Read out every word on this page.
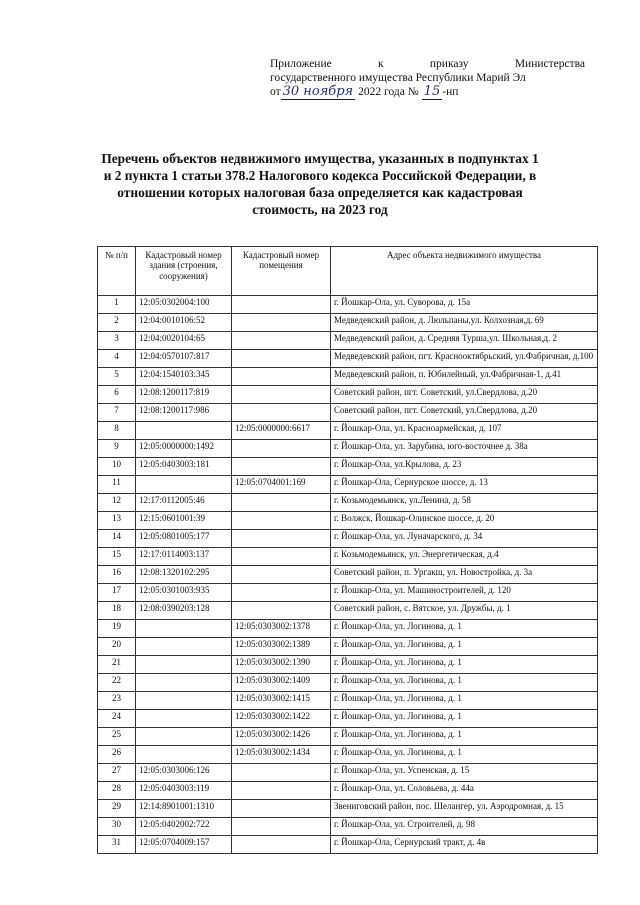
Приложение	к	приказу	Министерства
государственного имущества Республики Марий Эл
от 30 ноября 2022 года № 15 -нп
Перечень объектов недвижимого имущества, указанных в подпунктах 1 и 2 пункта 1 статьи 378.2 Налогового кодекса Российской Федерации, в отношении которых налоговая база определяется как кадастровая стоимость, на 2023 год
№ п/п	Кадастровый номер здания (строения, сооружения)	Кадастровый номер помещения	Адрес объекта недвижимого имущества
1	12:05:0302004:100		г. Йошкар-Ола, ул. Суворова, д. 15а
2	12:04:0010106:52		Медведевский район, д. Люльпаны,ул. Колхозная,д. 69
3	12:04:0020104:65		Медведевский район, д. Средняя Турша,ул. Школьная,д. 2
4	12:04:0570107:817		Медведевский район, пгт. Краснооктябрьский, ул.Фабричная, д.100
5	12:04:1540103:345		Медведевский район, п. Юбилейный, ул.Фабричная-1, д.41
6	12:08:1200117:819		Советский район, пгт. Советский, ул.Свердлова, д.20
7	12:08:1200117:986		Советский район, пгт. Советский, ул.Свердлова, д.20
8		12:05:0000000:6617	г. Йошкар-Ола, ул. Красноармейская, д. 107
9	12:05:0000000:1492		г. Йошкар-Ола, ул. Зарубина, юго-восточнее д. 38а
10	12:05:0403003:181		г. Йошкар-Ола, ул.Крылова, д. 23
11		12:05:0704001:169	г. Йошкар-Ола, Сернурское шоссе, д. 13
12	12:17:0112005:46		г. Козьмодемьянск, ул.Ленина, д. 58
13	12:15:0601001:39		г. Волжск, Йошкар-Олинское шоссе, д. 20
14	12:05:0801005:177		г. Йошкар-Ола, ул. Луначарского, д. 34
15	12:17:0114003:137		г. Козьмодемьянск, ул. Энергетическая, д.4
16	12:08:1320102:295		Советский район, п. Ургакш, ул. Новостройка, д. 3а
17	12:05:0301003:935		г. Йошкар-Ола, ул. Машиностроителей, д. 120
18	12:08:0390203:128		Советский район, с. Вятское, ул. Дружбы, д. 1
19		12:05:0303002:1378	г. Йошкар-Ола, ул. Логинова, д. 1
20		12:05:0303002:1389	г. Йошкар-Ола, ул. Логинова, д. 1
21		12:05:0303002:1390	г. Йошкар-Ола, ул. Логинова, д. 1
22		12:05:0303002:1409	г. Йошкар-Ола, ул. Логинова, д. 1
23		12:05:0303002:1415	г. Йошкар-Ола, ул. Логинова, д. 1
24		12:05:0303002:1422	г. Йошкар-Ола, ул. Логинова, д. 1
25		12:05:0303002:1426	г. Йошкар-Ола, ул. Логинова, д. 1
26		12:05:0303002:1434	г. Йошкар-Ола, ул. Логинова, д. 1
27	12:05:0303006:126		г. Йошкар-Ола, ул. Успенская, д. 15
28	12:05:0403003:119		г. Йошкар-Ола, ул. Соловьева, д. 44а
29	12:14:8901001:1310		Звениговский район, пос. Шелангер, ул. Аэродромная, д. 15
30	12:05:0402002:722		г. Йошкар-Ола, ул. Строителей, д. 98
31	12:05:0704009:157		г. Йошкар-Ола, Сернурский тракт, д. 4в
